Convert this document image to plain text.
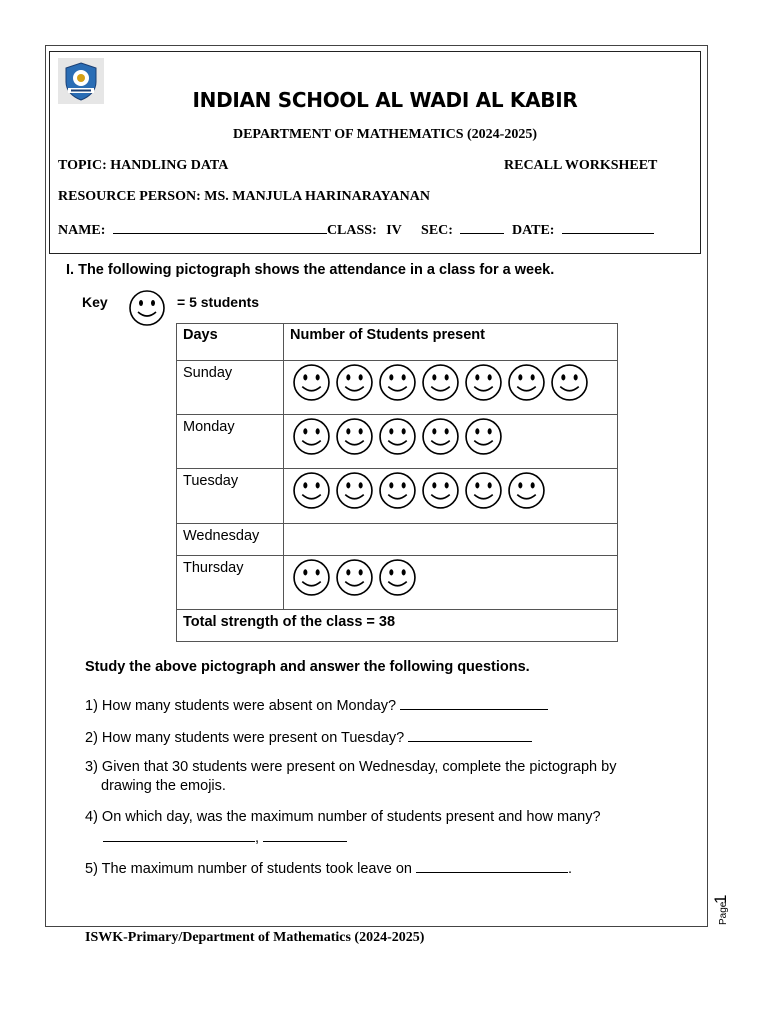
INDIAN SCHOOL AL WADI AL KABIR
DEPARTMENT OF MATHEMATICS (2024-2025)
TOPIC: HANDLING DATA	RECALL WORKSHEET
RESOURCE PERSON: MS. MANJULA HARINARAYANAN
NAME:	CLASS: IV SEC:	DATE:
I. The following pictograph shows the attendance in a class for a week.
Key	= 5 students
Days	Number of Students present
Sunday	
Monday	
Tuesday	
Wednesday	
Thursday	
Total strength of the class = 38	
Study the above pictograph and answer the following questions.
1) How many students were absent on Monday?
2) How many students were present on Tuesday?
3) Given that 30 students were present on Wednesday, complete the pictograph by
drawing the emojis.
4) On which day, was the maximum number of students present and how many?
,
5) The maximum number of students took leave on	.
Page
1
ISWK-Primary/Department of Mathematics (2024-2025)
